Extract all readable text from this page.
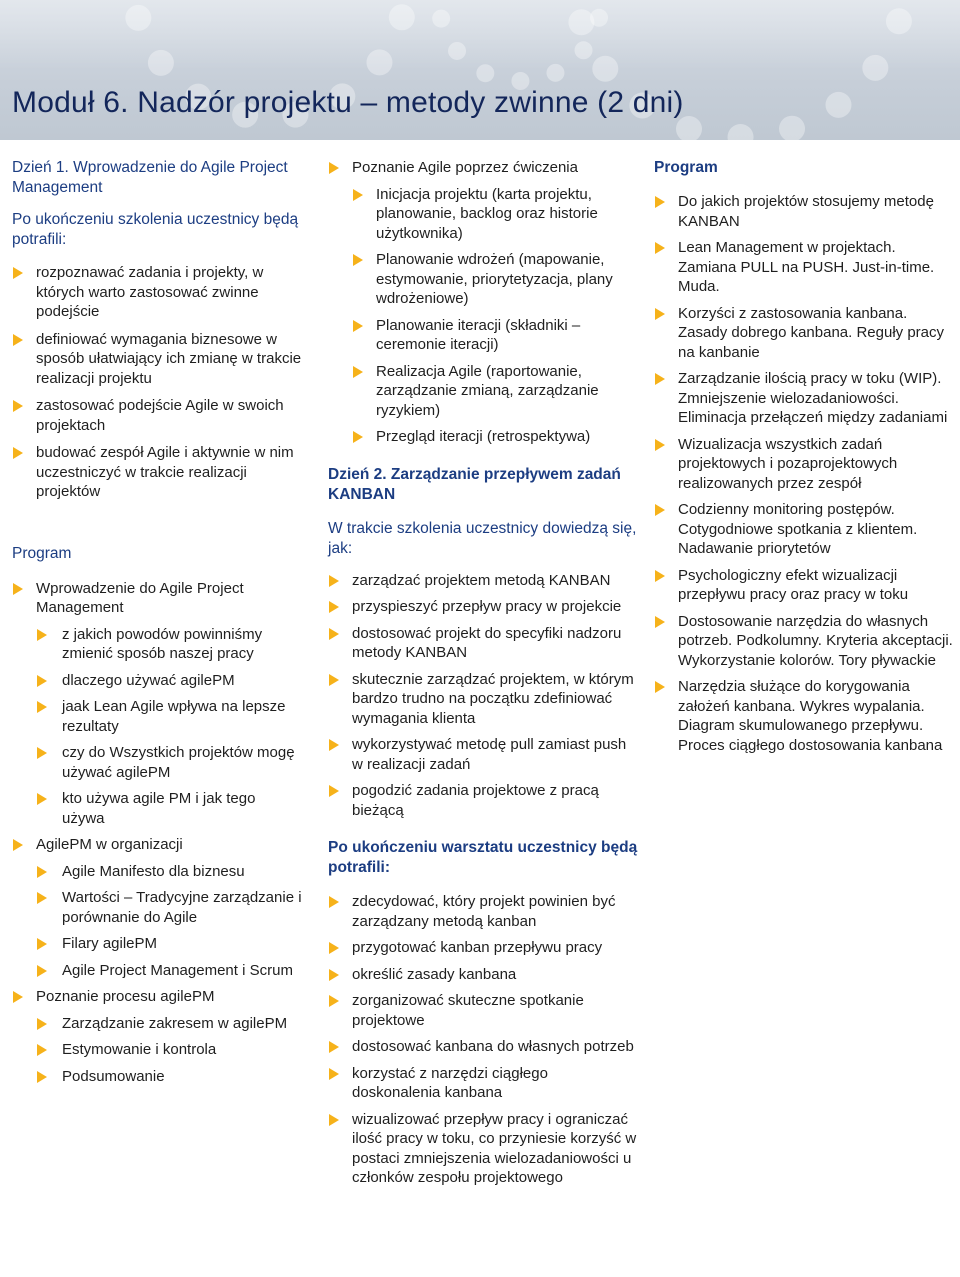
Moduł 6. Nadzór projektu – metody zwinne (2 dni)
Dzień 1. Wprowadzenie do Agile Project Management
Po ukończeniu szkolenia uczestnicy będą potrafili:
rozpoznawać zadania i projekty, w których warto zastosować zwinne podejście
definiować wymagania biznesowe w sposób ułatwiający ich zmianę w trakcie realizacji projektu
zastosować podejście Agile w swoich projektach
budować zespół Agile i aktywnie w nim uczestniczyć w trakcie realizacji projektów
Program
Wprowadzenie do Agile Project Management
z jakich powodów powinniśmy zmienić sposób naszej pracy
dlaczego używać agilePM
jaak Lean Agile wpływa na lepsze rezultaty
czy do Wszystkich projektów mogę używać agilePM
kto używa agile PM i jak tego używa
AgilePM w organizacji
Agile Manifesto dla biznesu
Wartości – Tradycyjne zarządzanie i porównanie do Agile
Filary agilePM
Agile Project Management i Scrum
Poznanie procesu agilePM
Zarządzanie zakresem w agilePM
Estymowanie i kontrola
Podsumowanie
Poznanie Agile poprzez ćwiczenia
Inicjacja projektu (karta projektu, planowanie, backlog oraz historie użytkownika)
Planowanie wdrożeń (mapowanie, estymowanie, priorytetyzacja, plany wdrożeniowe)
Planowanie iteracji (składniki – ceremonie iteracji)
Realizacja Agile (raportowanie, zarządzanie zmianą, zarządzanie ryzykiem)
Przegląd iteracji (retrospektywa)
Dzień 2. Zarządzanie przepływem zadań KANBAN
W trakcie szkolenia uczestnicy dowiedzą się, jak:
zarządzać projektem metodą KANBAN
przyspieszyć przepływ pracy w projekcie
dostosować projekt do specyfiki nadzoru metody KANBAN
skutecznie zarządzać projektem, w którym bardzo trudno na początku zdefiniować wymagania klienta
wykorzystywać metodę pull zamiast push w realizacji zadań
pogodzić zadania projektowe z pracą bieżącą
Po ukończeniu warsztatu uczestnicy będą potrafili:
zdecydować, który projekt powinien być zarządzany metodą kanban
przygotować kanban przepływu pracy
określić zasady kanbana
zorganizować skuteczne spotkanie projektowe
dostosować kanbana do własnych potrzeb
korzystać z narzędzi ciągłego doskonalenia kanbana
wizualizować przepływ pracy i ograniczać ilość pracy w toku, co przyniesie korzyść w postaci zmniejszenia wielozadaniowości u członków zespołu projektowego
Program
Do jakich projektów stosujemy metodę KANBAN
Lean Management w projektach. Zamiana PULL na PUSH. Just-in-time. Muda.
Korzyści z zastosowania kanbana. Zasady dobrego kanbana. Reguły pracy na kanbanie
Zarządzanie ilością pracy w toku (WIP). Zmniejszenie wielozadaniowości. Eliminacja przełączeń między zadaniami
Wizualizacja wszystkich zadań projektowych i pozaprojektowych realizowanych przez zespół
Codzienny monitoring postępów. Cotygodniowe spotkania z klientem. Nadawanie priorytetów
Psychologiczny efekt wizualizacji przepływu pracy oraz pracy w toku
Dostosowanie narzędzia do własnych potrzeb. Podkolumny. Kryteria akceptacji. Wykorzystanie kolorów. Tory pływackie
Narzędzia służące do korygowania założeń kanbana. Wykres wypalania. Diagram skumulowanego przepływu. Proces ciągłego dostosowania kanbana
